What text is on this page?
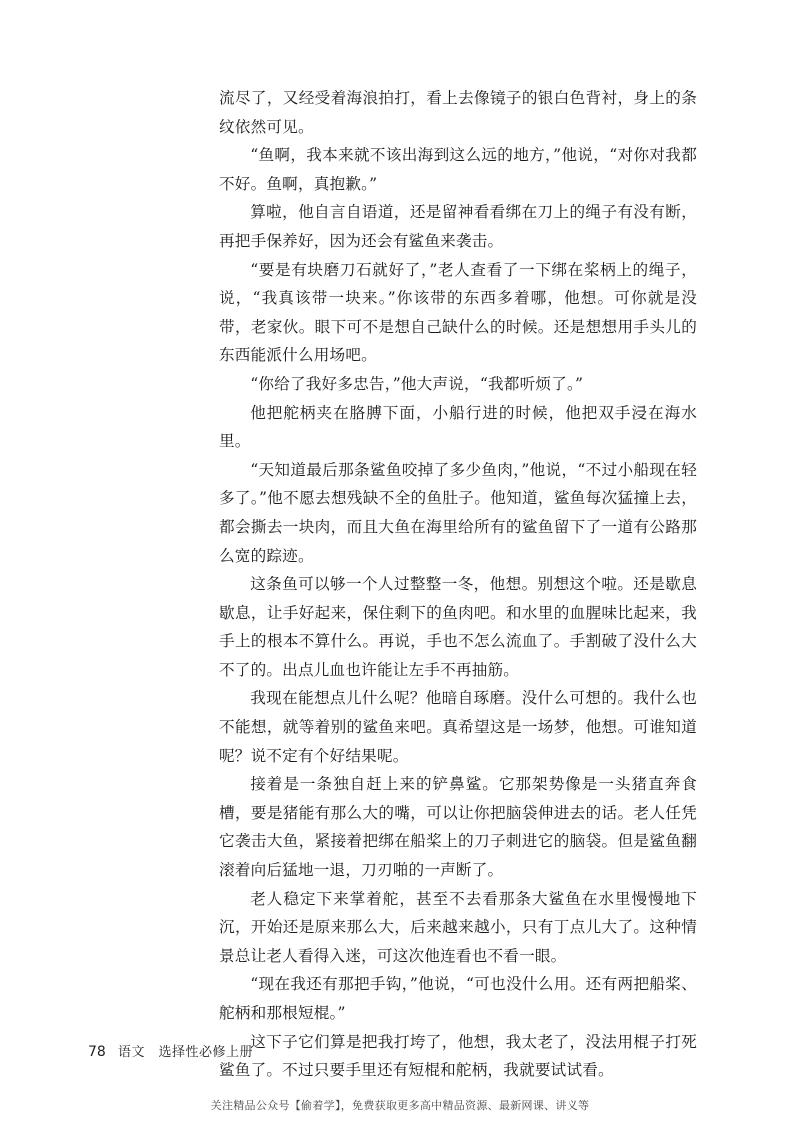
流尽了，又经受着海浪拍打，看上去像镜子的银白色背衬，身上的条纹依然可见。

“鱼啊，我本来就不该出海到这么远的地方，”他说，“对你对我都不好。鱼啊，真抱歉。”

算啦，他自言自语道，还是留神看看绑在刀上的绳子有没有断，再把手保养好，因为还会有鲨鱼来袭击。

“要是有块磨刀石就好了，”老人查看了一下绑在桨柄上的绳子，说，“我真该带一块来。”你该带的东西多着哪，他想。可你就是没带，老家伙。眼下可不是想自己缺什么的时候。还是想想用手头儿的东西能派什么用场吧。

“你给了我好多忠告，”他大声说，“我都听烦了。”

他把舵柄夹在胳膊下面，小船行进的时候，他把双手浸在海水里。

“天知道最后那条鲨鱼咬掉了多少鱼肉，”他说，“不过小船现在轻多了。”他不愿去想残缺不全的鱼肚子。他知道，鲨鱼每次猛撞上去，都会撕去一块肉，而且大鱼在海里给所有的鲨鱼留下了一道有公路那么宽的踪迹。

这条鱼可以够一个人过整整一冬，他想。别想这个啦。还是歇息歇息，让手好起来，保住剩下的鱼肉吧。和水里的血腥味比起来，我手上的根本不算什么。再说，手也不怎么流血了。手割破了没什么大不了的。出点儿血也许能让左手不再抽筋。

我现在能想点儿什么呢？他暗自琢磨。没什么可想的。我什么也不能想，就等着别的鲨鱼来吧。真希望这是一场梦，他想。可谁知道呢？说不定有个好结果呢。

接着是一条独自赶上来的铲鼻鲨。它那架势像是一头猪直奔食槽，要是猪能有那么大的嘴，可以让你把脑袋伸进去的话。老人任凭它袭击大鱼，紧接着把绑在船桨上的刀子刺进它的脑袋。但是鲨鱼翻滚着向后猛地一退，刀刃啪的一声断了。

老人稳定下来掌着舵，甚至不去看那条大鲨鱼在水里慢慢地下沉，开始还是原来那么大，后来越来越小，只有丁点儿大了。这种情景总让老人看得入迷，可这次他连看也不看一眼。

“现在我还有那把手钩，”他说，“可也没什么用。还有两把船桨、舵柄和那根短棍。”

这下子它们算是把我打垮了，他想，我太老了，没法用棍子打死鲨鱼了。不过只要手里还有短棍和舵柄，我就要试试看。

78 语文　选择性必修上册
关注精品公众号【偷着学】，免费获取更多高中精品资源、最新网课、讲义等
